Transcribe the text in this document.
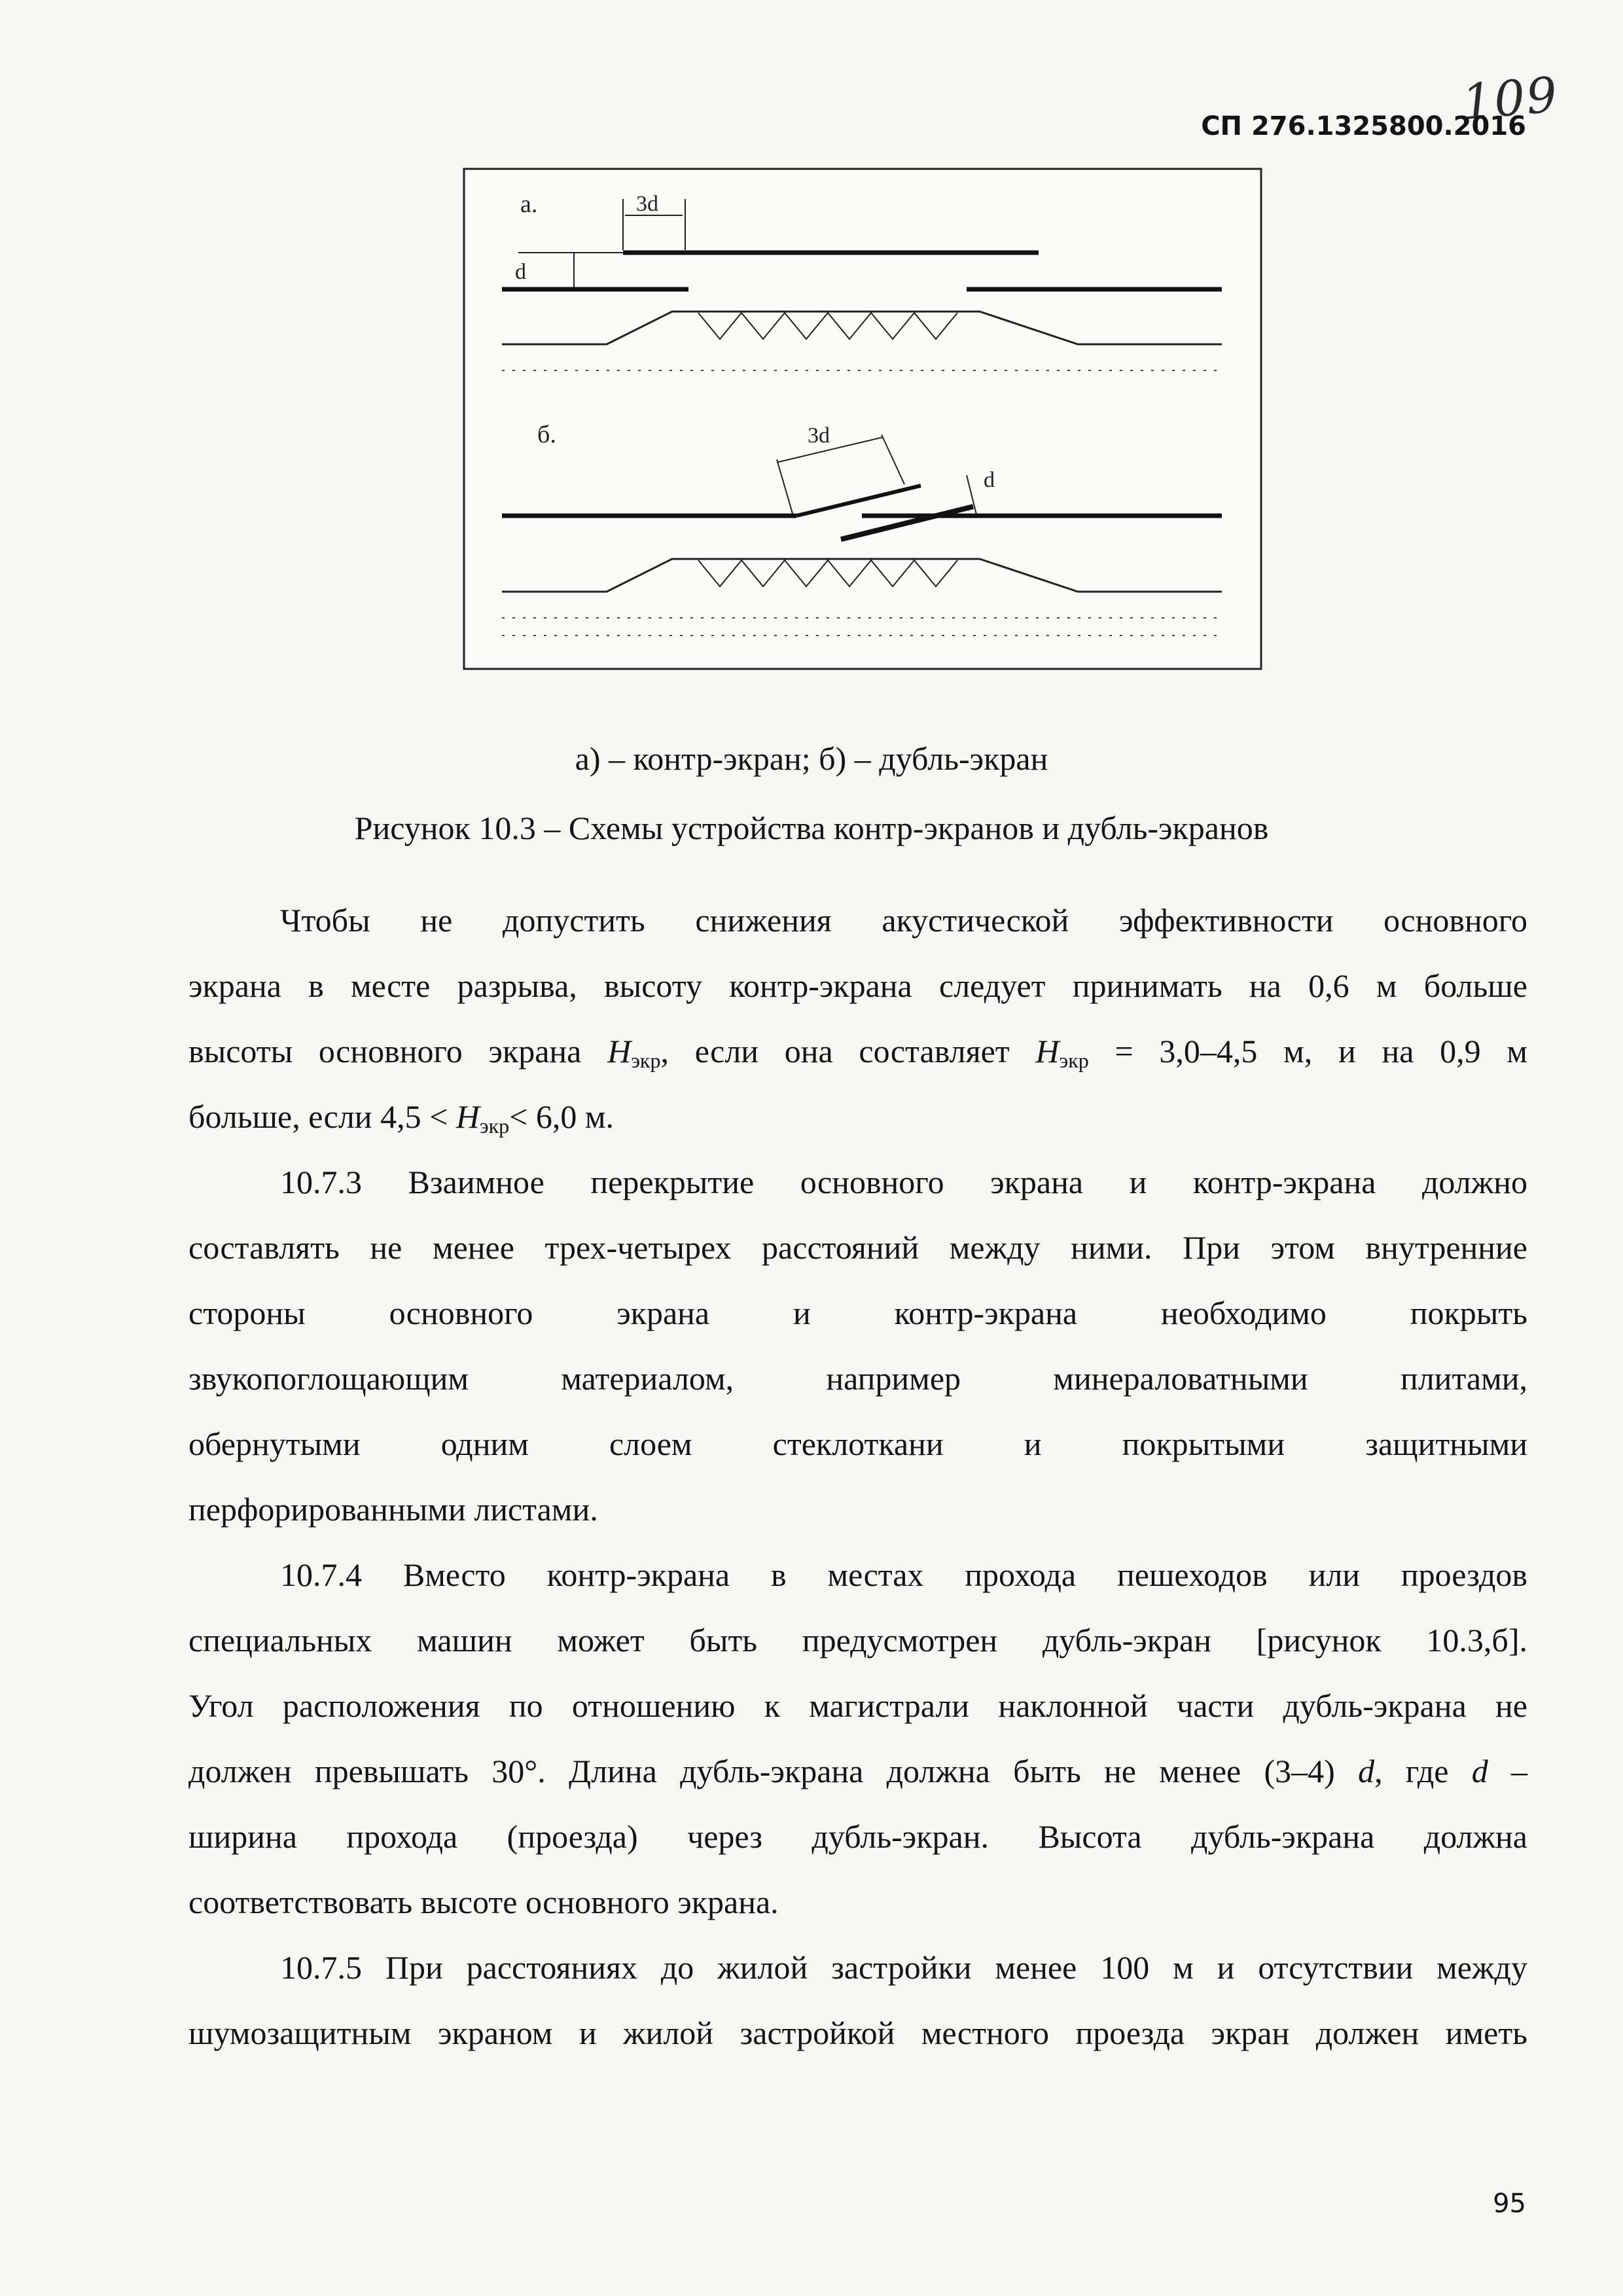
109
СП 276.1325800.2016
а.	3d
d
б.	3d
d
а) – контр-экран; б) – дубль-экран
Рисунок 10.3 – Схемы устройства контр-экранов и дубль-экранов
Чтобы не допустить снижения акустической эффективности основного
экрана в месте разрыва, высоту контр-экрана следует принимать на 0,6 м больше
высоты основного экрана $H_{экр}$, если она составляет $H_{экр} = 3,0-4,5$ м, и на 0,9 м
больше, если $4,5 < H_{экр}< 6,0$ м.
10.7.3 Взаимное перекрытие основного экрана и контр-экрана должно
составлять не менее трех-четырех расстояний между ними. При этом внутренние
стороны основного экрана и контр-экрана необходимо покрыть
звукопоглощающим материалом, например минераловатными плитами,
обернутыми одним слоем стеклоткани и покрытыми защитными
перфорированными листами.
10.7.4 Вместо контр-экрана в местах прохода пешеходов или проездов
специальных машин может быть предусмотрен дубль-экран [рисунок 10.3,б].
Угол расположения по отношению к магистрали наклонной части дубль-экрана не
должен превышать 30°. Длина дубль-экрана должна быть не менее (3–4) d, где d –
ширина прохода (проезда) через дубль-экран. Высота дубль-экрана должна
соответствовать высоте основного экрана.
10.7.5 При расстояниях до жилой застройки менее 100 м и отсутствии между
шумозащитным экраном и жилой застройкой местного проезда экран должен иметь
95
